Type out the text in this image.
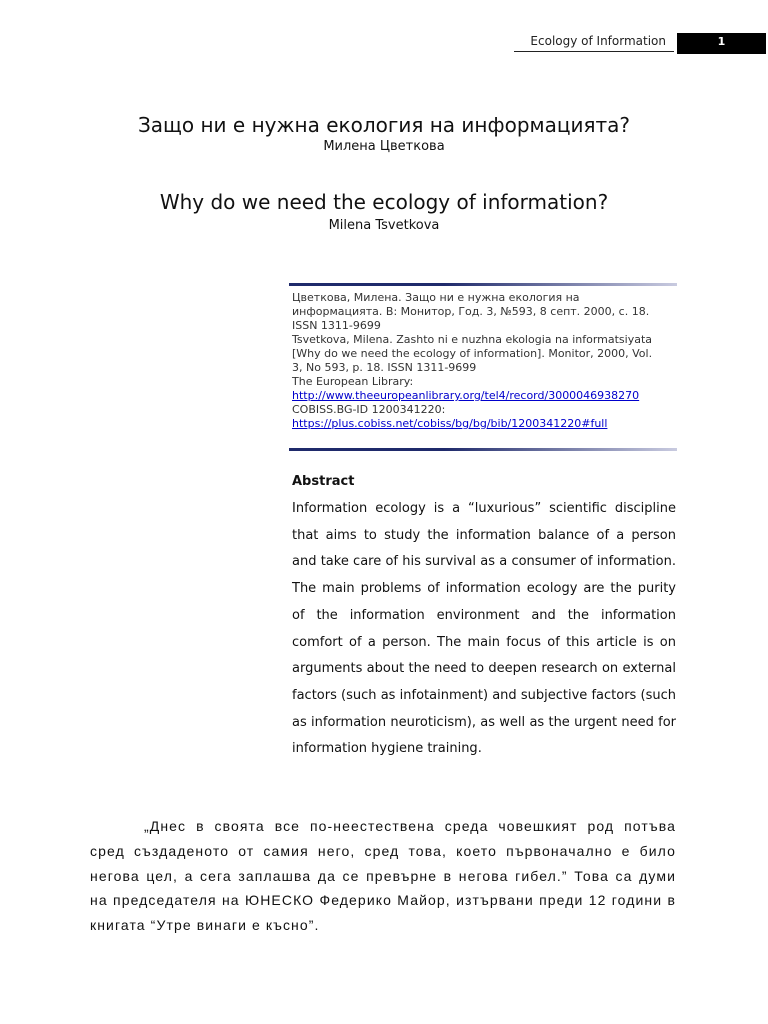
Ecology of Information	1
Защо ни е нужна екология на информацията?
Милена Цветкова
Why do we need the ecology of information?
Milena Tsvetkova
Цветкова, Милена. Защо ни е нужна екология на
информацията. В: Монитор, Год. 3, №593, 8 септ. 2000, с. 18.
ISSN 1311-9699
Tsvetkova, Milena. Zashto ni e nuzhna ekologia na informatsiyata
[Why do we need the ecology of information]. Monitor, 2000, Vol.
3, No 593, p. 18. ISSN 1311-9699
The European Library:
http://www.theeuropeanlibrary.org/tel4/record/3000046938270
COBISS.BG-ID 1200341220:
https://plus.cobiss.net/cobiss/bg/bg/bib/1200341220#full
Abstract
Information ecology is a “luxurious” scientific discipline that aims to study the information balance of a person and take care of his survival as a consumer of information. The main problems of information ecology are the purity of the information environment and the information comfort of a person. The main focus of this article is on arguments about the need to deepen research on external factors (such as infotainment) and subjective factors (such as information neuroticism), as well as the urgent need for information hygiene training.
„Днес в своята все по-неестествена среда човешкият род потъва сред създаденото от самия него, сред това, което първоначално е било негова цел, а сега заплашва да се превърне в негова гибел.” Това са думи на председателя на ЮНЕСКО Федерико Майор, изтървани преди 12 години в книгата “Утре винаги е късно”.
